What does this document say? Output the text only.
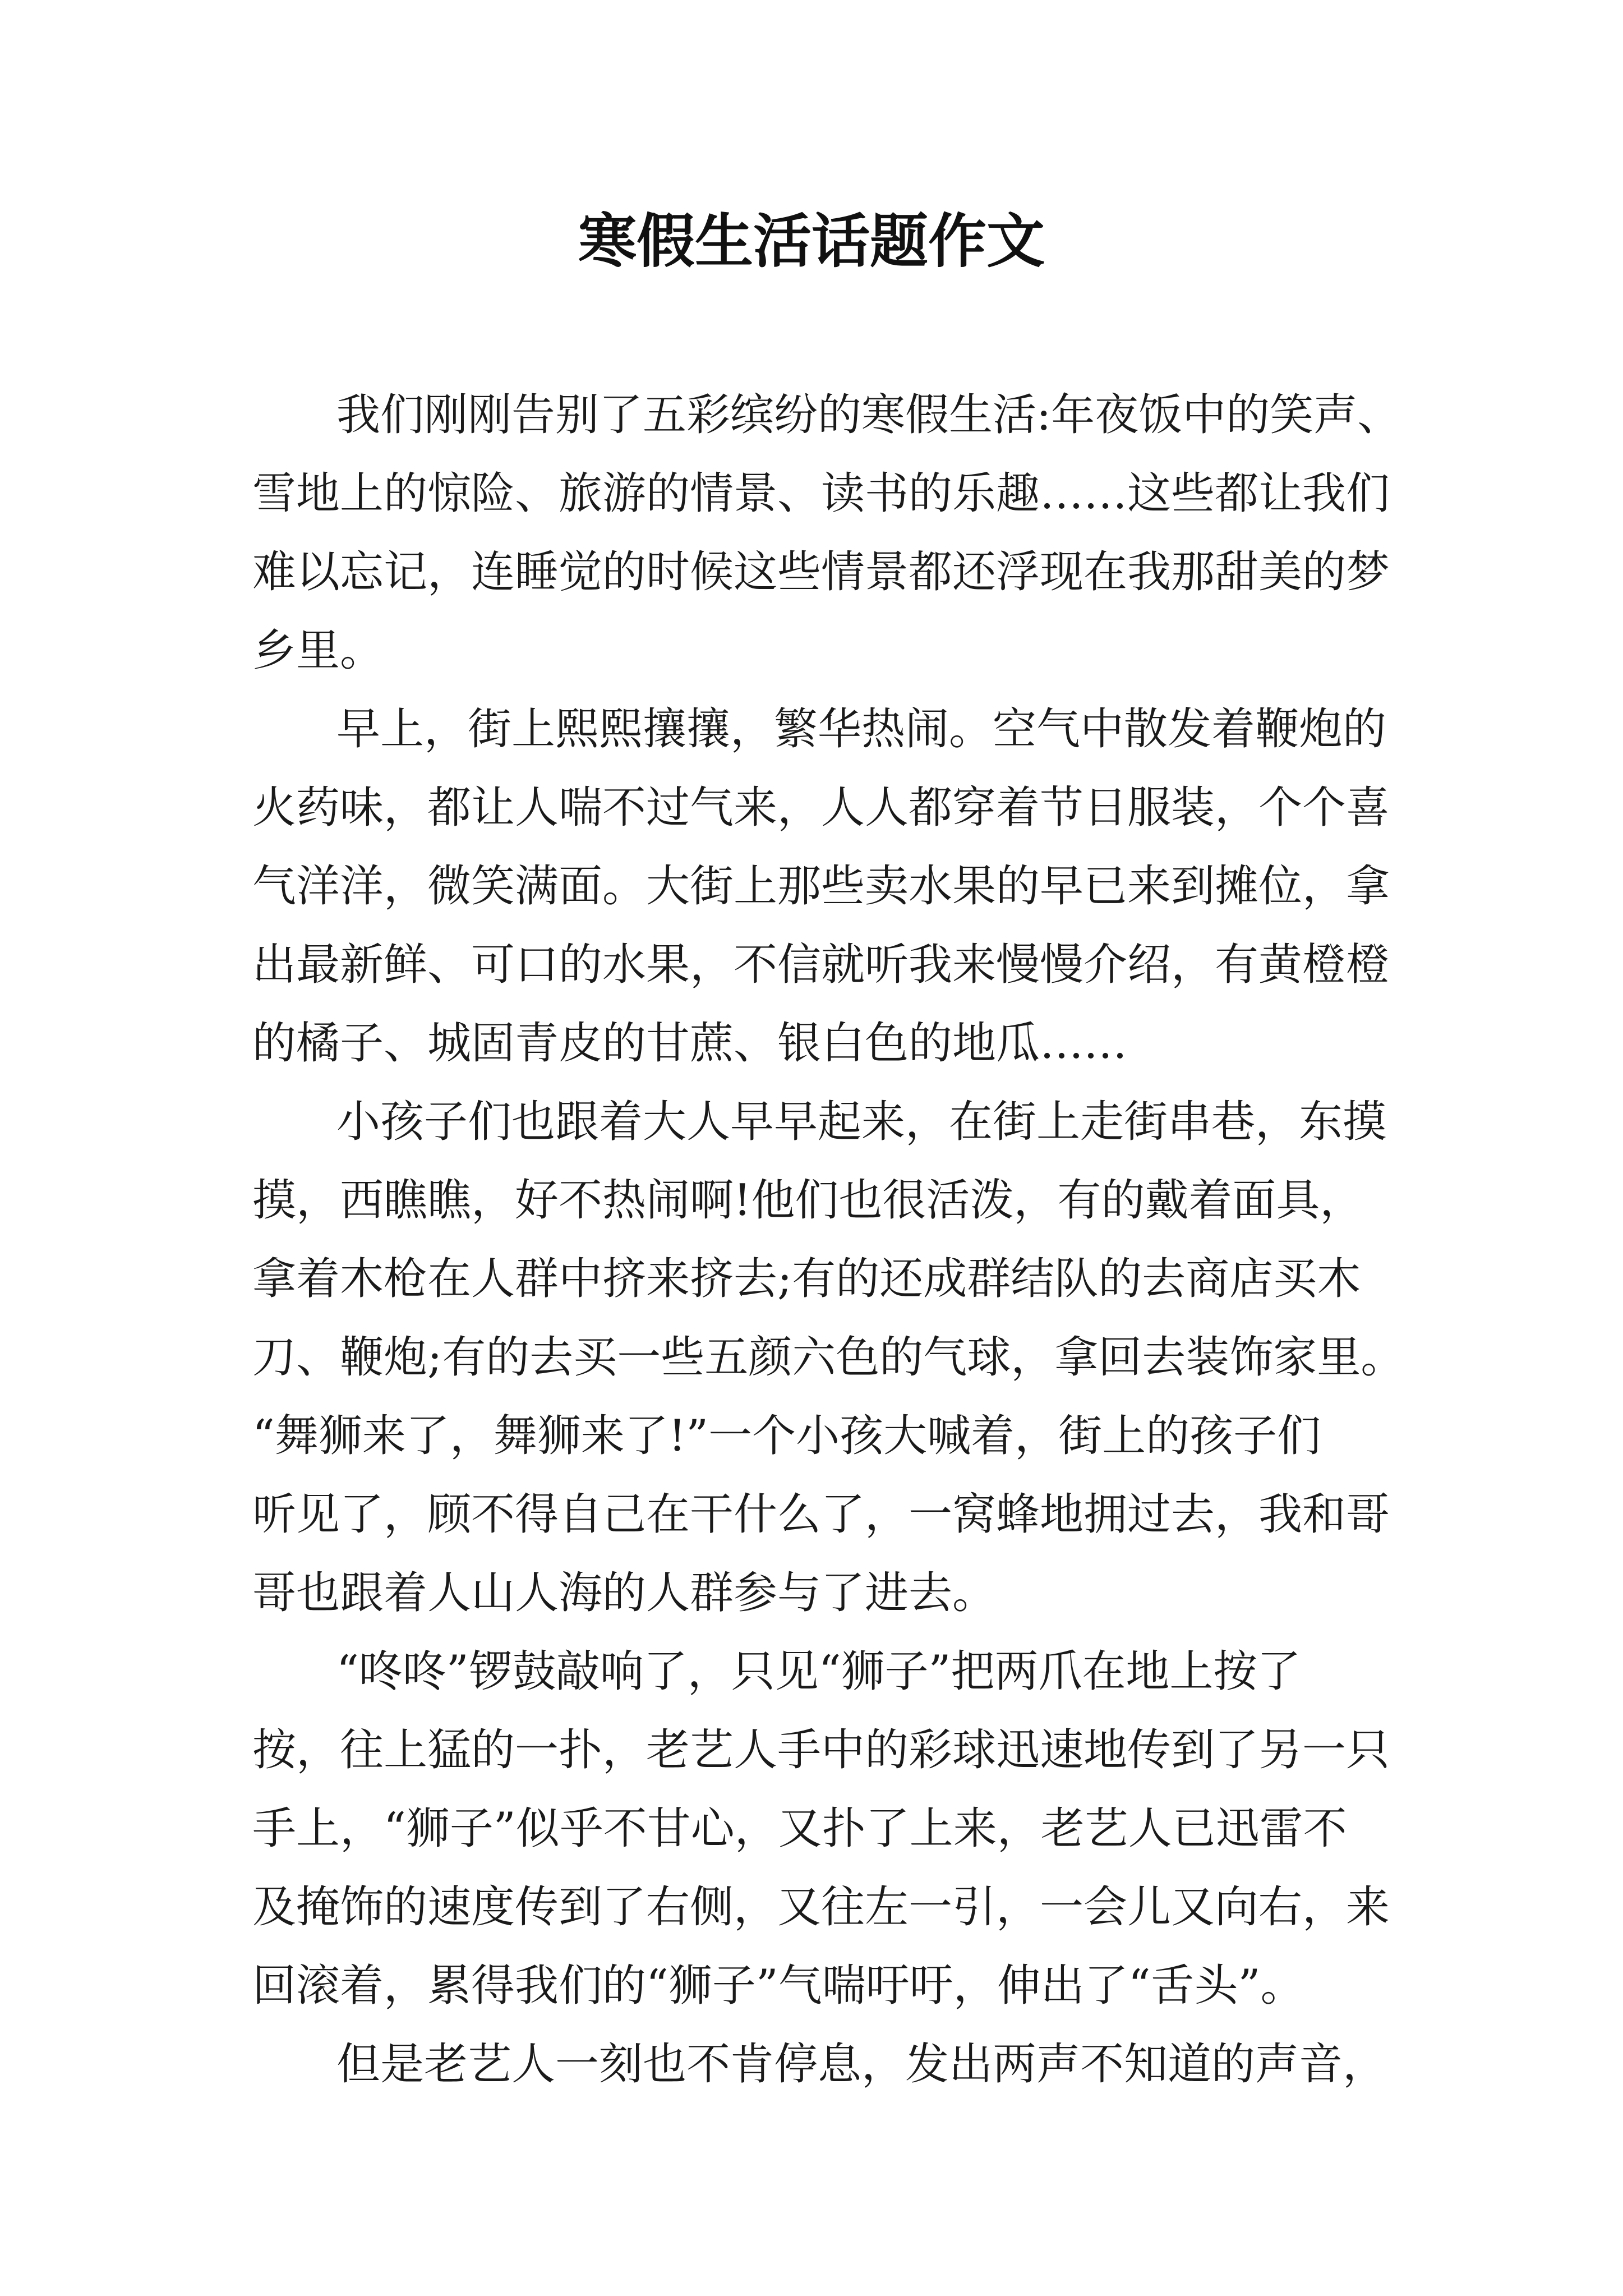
寒假生活话题作文
我们刚刚告别了五彩缤纷的寒假生活:年夜饭中的笑声、
雪地上的惊险、旅游的情景、读书的乐趣……这些都让我们
难以忘记，连睡觉的时候这些情景都还浮现在我那甜美的梦
乡里。
早上，街上熙熙攘攘，繁华热闹。空气中散发着鞭炮的
火药味，都让人喘不过气来，人人都穿着节日服装，个个喜
气洋洋，微笑满面。大街上那些卖水果的早已来到摊位，拿
出最新鲜、可口的水果，不信就听我来慢慢介绍，有黄橙橙
的橘子、城固青皮的甘蔗、银白色的地瓜……
小孩子们也跟着大人早早起来，在街上走街串巷，东摸
摸，西瞧瞧，好不热闹啊!他们也很活泼，有的戴着面具，
拿着木枪在人群中挤来挤去;有的还成群结队的去商店买木
刀、鞭炮;有的去买一些五颜六色的气球，拿回去装饰家里。
“舞狮来了，舞狮来了!”一个小孩大喊着，街上的孩子们
听见了，顾不得自己在干什么了，一窝蜂地拥过去，我和哥
哥也跟着人山人海的人群参与了进去。
“咚咚”锣鼓敲响了，只见“狮子”把两爪在地上按了
按，往上猛的一扑，老艺人手中的彩球迅速地传到了另一只
手上，“狮子”似乎不甘心，又扑了上来，老艺人已迅雷不
及掩饰的速度传到了右侧，又往左一引，一会儿又向右，来
回滚着，累得我们的“狮子”气喘吁吁，伸出了“舌头”。
但是老艺人一刻也不肯停息，发出两声不知道的声音，
